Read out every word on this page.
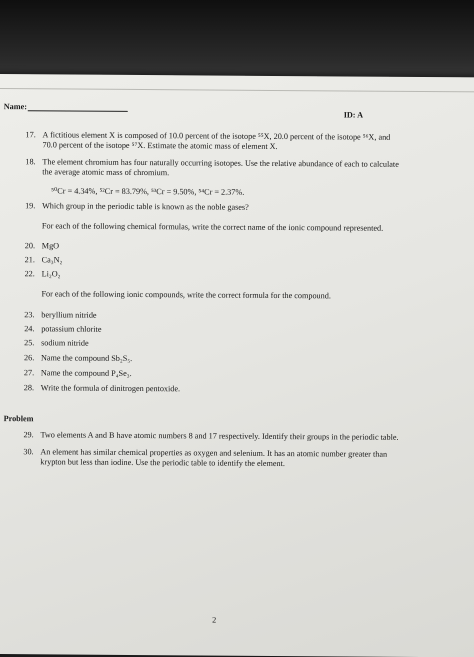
Name:
ID: A
17. A fictitious element X is composed of 10.0 percent of the isotope ⁵⁵X, 20.0 percent of the isotope ⁵⁶X, and
70.0 percent of the isotope ⁵⁷X. Estimate the atomic mass of element X.
18. The element chromium has four naturally occurring isotopes. Use the relative abundance of each to calculate
the average atomic mass of chromium.
⁵⁰Cr = 4.34%, ⁵²Cr = 83.79%, ⁵³Cr = 9.50%, ⁵⁴Cr = 2.37%.
19. Which group in the periodic table is known as the noble gases?
For each of the following chemical formulas, write the correct name of the ionic compound represented.
20. MgO
21. Ca₃N₂
22. Li₂O₂
For each of the following ionic compounds, write the correct formula for the compound.
23. beryllium nitride
24. potassium chlorite
25. sodium nitride
26. Name the compound Sb₂S₅.
27. Name the compound P₄Se₃.
28. Write the formula of dinitrogen pentoxide.
Problem
29. Two elements A and B have atomic numbers 8 and 17 respectively. Identify their groups in the periodic table.
30. An element has similar chemical properties as oxygen and selenium. It has an atomic number greater than
krypton but less than iodine. Use the periodic table to identify the element.
2
